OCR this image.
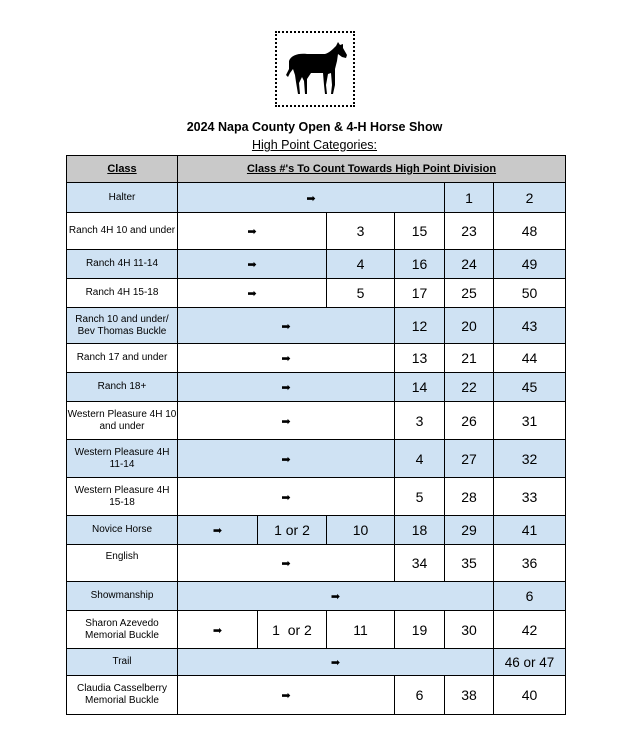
2024 Napa County Open & 4-H Horse Show
High Point Categories:
Class	Class #'s To Count Towards High Point Division					
Halter	➡				1	2
Ranch 4H 10 and under	➡		3	15	23	48
Ranch 4H 11-14	➡		4	16	24	49
Ranch 4H 15-18	➡		5	17	25	50
Ranch 10 and under/ Bev Thomas Buckle	➡			12	20	43
Ranch 17 and under	➡			13	21	44
Ranch 18+	➡			14	22	45
Western Pleasure 4H 10 and under	➡			3	26	31
Western Pleasure 4H 11-14	➡			4	27	32
Western Pleasure 4H 15-18	➡			5	28	33
Novice Horse	➡	1 or 2	10	18	29	41
English	➡			34	35	36
Showmanship	➡					6
Sharon Azevedo Memorial Buckle	➡	1  or 2	11	19	30	42
Trail	➡					46 or 47
Claudia Casselberry Memorial Buckle	➡			6	38	40
